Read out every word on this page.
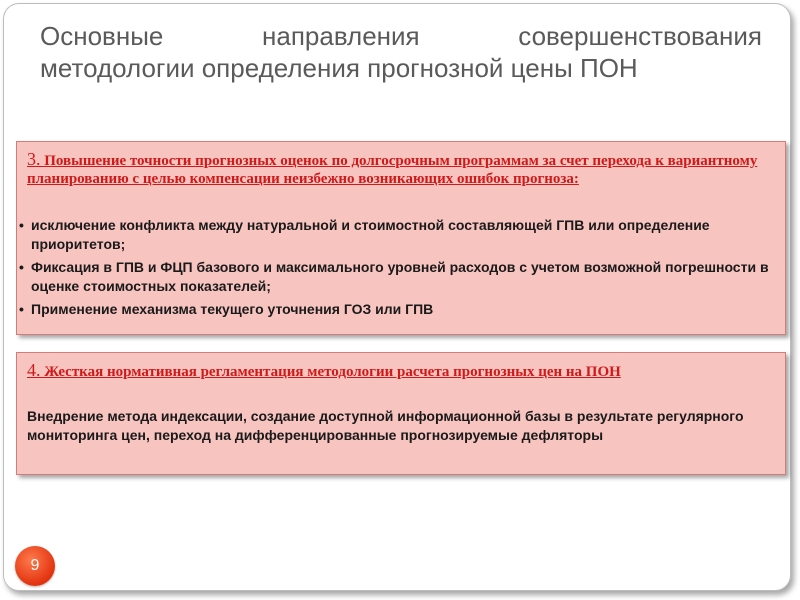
Основные	направления	совершенствования
методологии определения прогнозной цены ПОН
3. Повышение точности прогнозных оценок по долгосрочным программам за счет перехода к вариантному планированию с целью компенсации неизбежно возникающих ошибок прогноза:
• исключение конфликта между натуральной и стоимостной составляющей ГПВ или определение приоритетов;
• Фиксация в ГПВ и ФЦП базового и максимального уровней расходов с учетом возможной погрешности в оценке стоимостных показателей;
• Применение механизма текущего уточнения ГОЗ или ГПВ
4. Жесткая нормативная регламентация методологии расчета прогнозных цен на ПОН
Внедрение метода индексации, создание доступной информационной базы в результате регулярного мониторинга цен, переход на дифференцированные прогнозируемые дефляторы
9
